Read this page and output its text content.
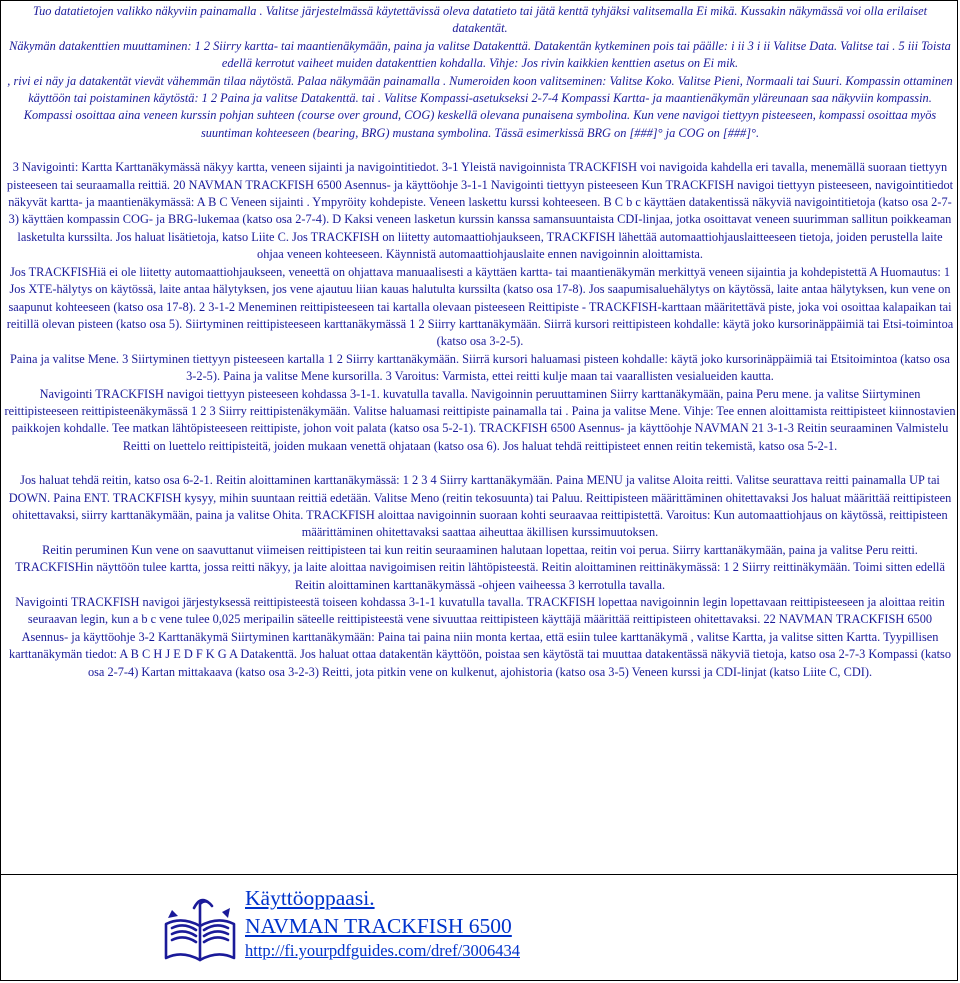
Tuo datatietojen valikko näkyviin painamalla . Valitse järjestelmässä käytettävissä oleva datatieto tai jätä kenttä tyhjäksi valitsemalla Ei mikä. Kussakin näkymässä voi olla erilaiset datakentät.

Näkymän datakenttien muuttaminen: 1 2 Siirry kartta- tai maantienäkymään, paina ja valitse Datakenttä. Datakentän kytkeminen pois tai päälle: i ii 3 i ii Valitse Data. Valitse tai . 5 iii Toista edellä kerrotut vaiheet muiden datakenttien kohdalla. Vihje: Jos rivin kaikkien kenttien asetus on Ei mik.

, rivi ei näy ja datakentät vievät vähemmän tilaa näytöstä. Palaa näkymään painamalla . Numeroiden koon valitseminen: Valitse Koko. Valitse Pieni, Normaali tai Suuri. Kompassin ottaminen käyttöön tai poistaminen käytöstä: 1 2 Paina ja valitse Datakenttä. tai . Valitse Kompassi-asetukseksi 2-7-4 Kompassi Kartta- ja maantienäkymän yläreunaan saa näkyviin kompassin. Kompassi osoittaa aina veneen kurssin pohjan suhteen (course over ground, COG) keskellä olevana punaisena symbolina. Kun vene navigoi tiettyyn pisteeseen, kompassi osoittaa myös suuntiman kohteeseen (bearing, BRG) mustana symbolina. Tässä esimerkissä BRG on [###]° ja COG on [###]°.

3 Navigointi: Kartta Karttanäkymässä näkyy kartta, veneen sijainti ja navigointitiedot. 3-1 Yleistä navigoinnista TRACKFISH voi navigoida kahdella eri tavalla, menemällä suoraan tiettyyn pisteeseen tai seuraamalla reittiä. 20 NAVMAN TRACKFISH 6500 Asennus- ja käyttöohje 3-1-1 Navigointi tiettyyn pisteeseen Kun TRACKFISH navigoi tiettyyn pisteeseen, navigointitiedot näkyvät kartta- ja maantienäkymässä: A B C Veneen sijainti . Ympyröity kohdepiste. Veneen laskettu kurssi kohteeseen. B C b c käyttäen datakentissä näkyviä navigointitietoja (katso osa 2-7-3) käyttäen kompassin COG- ja BRG-lukemaa (katso osa 2-7-4). D Kaksi veneen lasketun kurssin kanssa samansuuntaista CDI-linjaa, jotka osoittavat veneen suurimman sallitun poikkeaman lasketulta kurssilta. Jos haluat lisätietoja, katso Liite C. Jos TRACKFISH on liitetty automaattiohjaukseen, TRACKFISH lähettää automaattiohjauslaitteeseen tietoja, joiden perustella laite ohjaa veneen kohteeseen. Käynnistä automaattiohjauslaite ennen navigoinnin aloittamista.

Jos TRACKFISHiä ei ole liitetty automaattiohjaukseen, veneettä on ohjattava manuaalisesti a käyttäen kartta- tai maantienäkymän merkittyä veneen sijaintia ja kohdepistettä A Huomautus: 1 Jos XTE-hälytys on käytössä, laite antaa hälytyksen, jos vene ajautuu liian kauas halutulta kurssilta (katso osa 17-8). Jos saapumisaluehälytys on käytössä, laite antaa hälytyksen, kun vene on saapunut kohteeseen (katso osa 17-8). 2 3-1-2 Meneminen reittipisteeseen tai kartalla olevaan pisteeseen Reittipiste - TRACKFISH-karttaan määritettävä piste, joka voi osoittaa kalapaikan tai reitillä olevan pisteen (katso osa 5). Siirtyminen reittipisteeseen karttanäkymässä 1 2 Siirry karttanäkymään. Siirrä kursori reittipisteen kohdalle: käytä joko kursorinäppäimiä tai Etsi-toimintoa (katso osa 3-2-5).

Paina ja valitse Mene. 3 Siirtyminen tiettyyn pisteeseen kartalla 1 2 Siirry karttanäkymään. Siirrä kursori haluamasi pisteen kohdalle: käytä joko kursorinäppäimiä tai Etsitoimintoa (katso osa 3-2-5). Paina ja valitse Mene kursorilla. 3 Varoitus: Varmista, ettei reitti kulje maan tai vaarallisten vesialueiden kautta.

Navigointi TRACKFISH navigoi tiettyyn pisteeseen kohdassa 3-1-1. kuvatulla tavalla. Navigoinnin peruuttaminen Siirry karttanäkymään, paina Peru mene. ja valitse Siirtyminen reittipisteeseen reittipisteenäkymässä 1 2 3 Siirry reittipistenäkymään. Valitse haluamasi reittipiste painamalla tai . Paina ja valitse Mene. Vihje: Tee ennen aloittamista reittipisteet kiinnostavien paikkojen kohdalle. Tee matkan lähtöpisteeseen reittipiste, johon voit palata (katso osa 5-2-1). TRACKFISH 6500 Asennus- ja käyttöohje NAVMAN 21 3-1-3 Reitin seuraaminen Valmistelu Reitti on luettelo reittipisteitä, joiden mukaan venettä ohjataan (katso osa 6). Jos haluat tehdä reittipisteet ennen reitin tekemistä, katso osa 5-2-1.

Jos haluat tehdä reitin, katso osa 6-2-1. Reitin aloittaminen karttanäkymässä: 1 2 3 4 Siirry karttanäkymään. Paina MENU ja valitse Aloita reitti. Valitse seurattava reitti painamalla UP tai DOWN. Paina ENT. TRACKFISH kysyy, mihin suuntaan reittiä edetään. Valitse Meno (reitin tekosuunta) tai Paluu. Reittipisteen määrittäminen ohitettavaksi Jos haluat määrittää reittipisteen ohitettavaksi, siirry karttanäkymään, paina ja valitse Ohita. TRACKFISH aloittaa navigoinnin suoraan kohti seuraavaa reittipistettä. Varoitus: Kun automaattiohjaus on käytössä, reittipisteen määrittäminen ohitettavaksi saattaa aiheuttaa äkillisen kurssimuutoksen.

Reitin peruminen Kun vene on saavuttanut viimeisen reittipisteen tai kun reitin seuraaminen halutaan lopettaa, reitin voi perua. Siirry karttanäkymään, paina ja valitse Peru reitti. TRACKFISHin näyttöön tulee kartta, jossa reitti näkyy, ja laite aloittaa navigoimisen reitin lähtöpisteestä. Reitin aloittaminen reittinäkymässä: 1 2 Siirry reittinäkymään. Toimi sitten edellä Reitin aloittaminen karttanäkymässä -ohjeen vaiheessa 3 kerrotulla tavalla.

Navigointi TRACKFISH navigoi järjestyksessä reittipisteestä toiseen kohdassa 3-1-1 kuvatulla tavalla. TRACKFISH lopettaa navigoinnin legin lopettavaan reittipisteeseen ja aloittaa reitin seuraavan legin, kun a b c vene tulee 0,025 meripailin säteelle reittipisteestä vene sivuuttaa reittipisteen käyttäjä määrittää reittipisteen ohitettavaksi. 22 NAVMAN TRACKFISH 6500 Asennus- ja käyttöohje 3-2 Karttanäkymä Siirtyminen karttanäkymään: Paina tai paina niin monta kertaa, että esiin tulee karttanäkymä , valitse Kartta, ja valitse sitten Kartta. Tyypillisen karttanäkymän tiedot: A B C H J E D F K G A Datakenttä. Jos haluat ottaa datakentän käyttöön, poistaa sen käytöstä tai muuttaa datakentässä näkyviä tietoja, katso osa 2-7-3 Kompassi (katso osa 2-7-4) Kartan mittakaava (katso osa 3-2-3) Reitti, jota pitkin vene on kulkenut, ajohistoria (katso osa 3-5) Veneen kurssi ja CDI-linjat (katso Liite C, CDI).

Käyttöoppaasi.
NAVMAN TRACKFISH 6500
http://fi.yourpdfguides.com/dref/3006434
